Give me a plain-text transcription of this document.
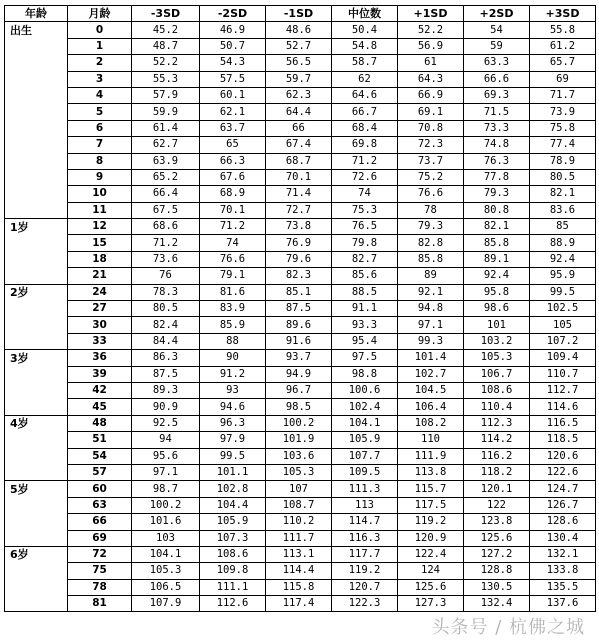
年龄	月龄	-3SD	-2SD	-1SD	中位数	+1SD	+2SD	+3SD
出生	0	45.2	46.9	48.6	50.4	52.2	54	55.8
	1	48.7	50.7	52.7	54.8	56.9	59	61.2
	2	52.2	54.3	56.5	58.7	61	63.3	65.7
	3	55.3	57.5	59.7	62	64.3	66.6	69
	4	57.9	60.1	62.3	64.6	66.9	69.3	71.7
	5	59.9	62.1	64.4	66.7	69.1	71.5	73.9
	6	61.4	63.7	66	68.4	70.8	73.3	75.8
	7	62.7	65	67.4	69.8	72.3	74.8	77.4
	8	63.9	66.3	68.7	71.2	73.7	76.3	78.9
	9	65.2	67.6	70.1	72.6	75.2	77.8	80.5
	10	66.4	68.9	71.4	74	76.6	79.3	82.1
	11	67.5	70.1	72.7	75.3	78	80.8	83.6
1岁	12	68.6	71.2	73.8	76.5	79.3	82.1	85
	15	71.2	74	76.9	79.8	82.8	85.8	88.9
	18	73.6	76.6	79.6	82.7	85.8	89.1	92.4
	21	76	79.1	82.3	85.6	89	92.4	95.9
2岁	24	78.3	81.6	85.1	88.5	92.1	95.8	99.5
	27	80.5	83.9	87.5	91.1	94.8	98.6	102.5
	30	82.4	85.9	89.6	93.3	97.1	101	105
	33	84.4	88	91.6	95.4	99.3	103.2	107.2
3岁	36	86.3	90	93.7	97.5	101.4	105.3	109.4
	39	87.5	91.2	94.9	98.8	102.7	106.7	110.7
	42	89.3	93	96.7	100.6	104.5	108.6	112.7
	45	90.9	94.6	98.5	102.4	106.4	110.4	114.6
4岁	48	92.5	96.3	100.2	104.1	108.2	112.3	116.5
	51	94	97.9	101.9	105.9	110	114.2	118.5
	54	95.6	99.5	103.6	107.7	111.9	116.2	120.6
	57	97.1	101.1	105.3	109.5	113.8	118.2	122.6
5岁	60	98.7	102.8	107	111.3	115.7	120.1	124.7
	63	100.2	104.4	108.7	113	117.5	122	126.7
	66	101.6	105.9	110.2	114.7	119.2	123.8	128.6
	69	103	107.3	111.7	116.3	120.9	125.6	130.4
6岁	72	104.1	108.6	113.1	117.7	122.4	127.2	132.1
	75	105.3	109.8	114.4	119.2	124	128.8	133.8
	78	106.5	111.1	115.8	120.7	125.6	130.5	135.5
	81	107.9	112.6	117.4	122.3	127.3	132.4	137.6
头条号 / 杭佛之城
